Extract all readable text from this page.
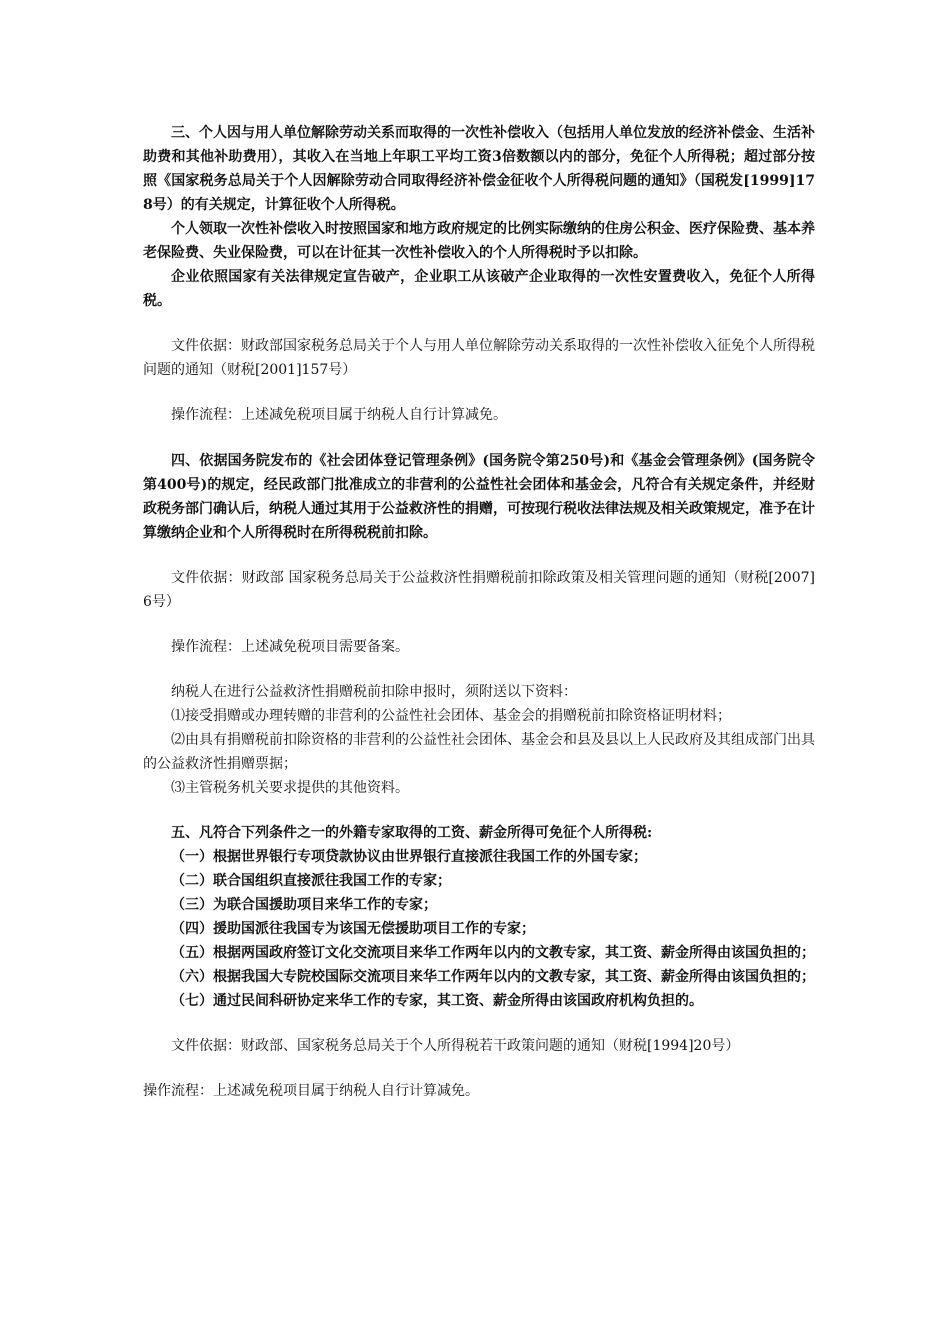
三、个人因与用人单位解除劳动关系而取得的一次性补偿收入（包括用人单位发放的经济补偿金、生活补助费和其他补助费用），其收入在当地上年职工平均工资3倍数额以内的部分，免征个人所得税；超过部分按照《国家税务总局关于个人因解除劳动合同取得经济补偿金征收个人所得税问题的通知》（国税发[1999]178号）的有关规定，计算征收个人所得税。

个人领取一次性补偿收入时按照国家和地方政府规定的比例实际缴纳的住房公积金、医疗保险费、基本养老保险费、失业保险费，可以在计征其一次性补偿收入的个人所得税时予以扣除。

企业依照国家有关法律规定宣告破产，企业职工从该破产企业取得的一次性安置费收入，免征个人所得税。

文件依据：财政部国家税务总局关于个人与用人单位解除劳动关系取得的一次性补偿收入征免个人所得税问题的通知（财税[2001]157号）

操作流程：上述减免税项目属于纳税人自行计算减免。

四、依据国务院发布的《社会团体登记管理条例》(国务院令第250号)和《基金会管理条例》(国务院令第400号)的规定，经民政部门批准成立的非营利的公益性社会团体和基金会，凡符合有关规定条件，并经财政税务部门确认后，纳税人通过其用于公益救济性的捐赠，可按现行税收法律法规及相关政策规定，准予在计算缴纳企业和个人所得税时在所得税税前扣除。

文件依据：财政部 国家税务总局关于公益救济性捐赠税前扣除政策及相关管理问题的通知（财税[2007]6号）

操作流程：上述减免税项目需要备案。

纳税人在进行公益救济性捐赠税前扣除申报时，须附送以下资料：

⑴接受捐赠或办理转赠的非营利的公益性社会团体、基金会的捐赠税前扣除资格证明材料；

⑵由具有捐赠税前扣除资格的非营利的公益性社会团体、基金会和县及县以上人民政府及其组成部门出具的公益救济性捐赠票据；

⑶主管税务机关要求提供的其他资料。

五、凡符合下列条件之一的外籍专家取得的工资、薪金所得可免征个人所得税:

（一）根据世界银行专项贷款协议由世界银行直接派往我国工作的外国专家；

（二）联合国组织直接派往我国工作的专家；

（三）为联合国援助项目来华工作的专家；

（四）援助国派往我国专为该国无偿援助项目工作的专家；

（五）根据两国政府签订文化交流项目来华工作两年以内的文教专家，其工资、薪金所得由该国负担的；

（六）根据我国大专院校国际交流项目来华工作两年以内的文教专家，其工资、薪金所得由该国负担的；

（七）通过民间科研协定来华工作的专家，其工资、薪金所得由该国政府机构负担的。

文件依据：财政部、国家税务总局关于个人所得税若干政策问题的通知（财税[1994]20号）

操作流程：上述减免税项目属于纳税人自行计算减免。
